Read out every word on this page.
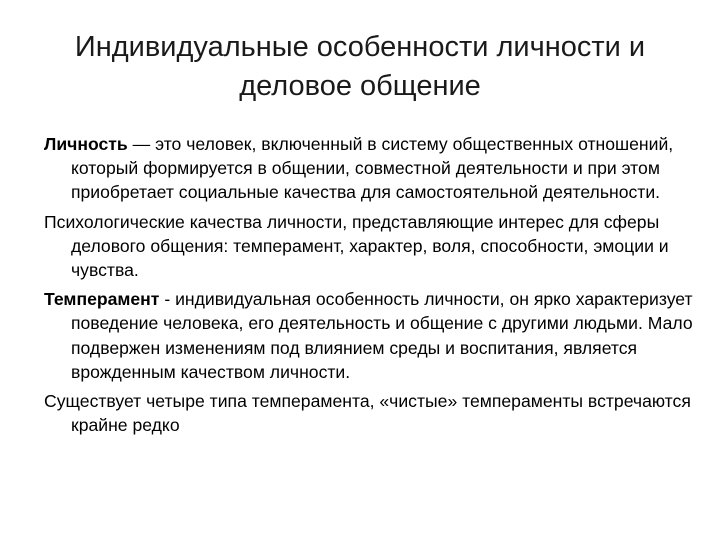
Индивидуальные особенности личности и
деловое общение

Личность — это человек, включенный в систему общественных отношений, который формируется в общении, совместной деятельности и при этом приобретает социальные качества для самостоятельной деятельности.

Психологические качества личности, представляющие интерес для сферы делового общения: темперамент, характер, воля, способности, эмоции и чувства.

Темперамент - индивидуальная особенность личности, он ярко характеризует поведение человека, его деятельность и общение с другими людьми. Мало подвержен изменениям под влиянием среды и воспитания, является врожденным качеством личности.

Существует четыре типа темперамента, «чистые» темпераменты встречаются крайне редко
